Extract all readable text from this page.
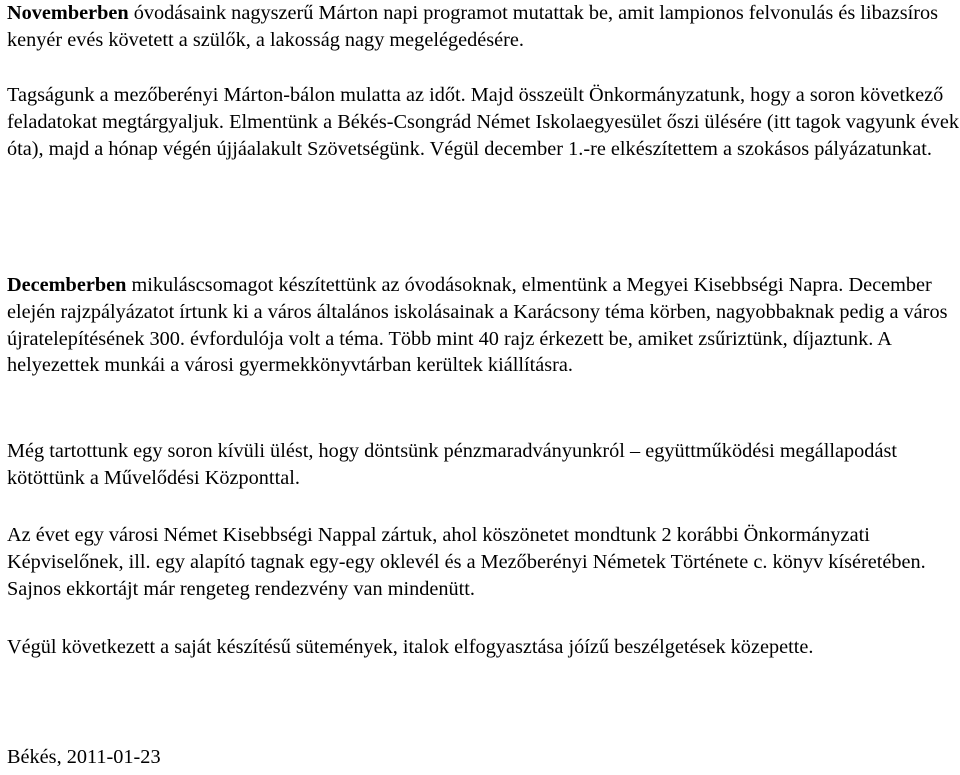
Novemberben óvodásaink nagyszerű Márton napi programot mutattak be, amit lampionos felvonulás és libazsíros kenyér evés követett a szülők, a lakosság nagy megelégedésére.

Tagságunk a mezőberényi Márton-bálon mulatta az időt. Majd összeült Önkormányzatunk, hogy a soron következő feladatokat megtárgyaljuk. Elmentünk a Békés-Csongrád Német Iskolaegyesület őszi ülésére (itt tagok vagyunk évek óta), majd a hónap végén újjáalakult Szövetségünk. Végül december 1.-re elkészítettem a szokásos pályázatunkat.

Decemberben mikuláscsomagot készítettünk az óvodásoknak, elmentünk a Megyei Kisebbségi Napra. December elején rajzpályázatot írtunk ki a város általános iskolásainak a Karácsony téma körben, nagyobbaknak pedig a város újratelepítésének 300. évfordulója volt a téma. Több mint 40 rajz érkezett be, amiket zsűriztünk, díjaztunk. A helyezettek munkái a városi gyermekkönyvtárban kerültek kiállításra.

Még tartottunk egy soron kívüli ülést, hogy döntsünk pénzmaradványunkról – együttműködési megállapodást kötöttünk a Művelődési Központtal.

Az évet egy városi Német Kisebbségi Nappal zártuk, ahol köszönetet mondtunk 2 korábbi Önkormányzati Képviselőnek, ill. egy alapító tagnak egy-egy oklevél és a Mezőberényi Németek Története c. könyv kíséretében. Sajnos ekkortájt már rengeteg rendezvény van mindenütt.

Végül következett a saját készítésű sütemények, italok elfogyasztása jóízű beszélgetések közepette.

Békés, 2011-01-23
